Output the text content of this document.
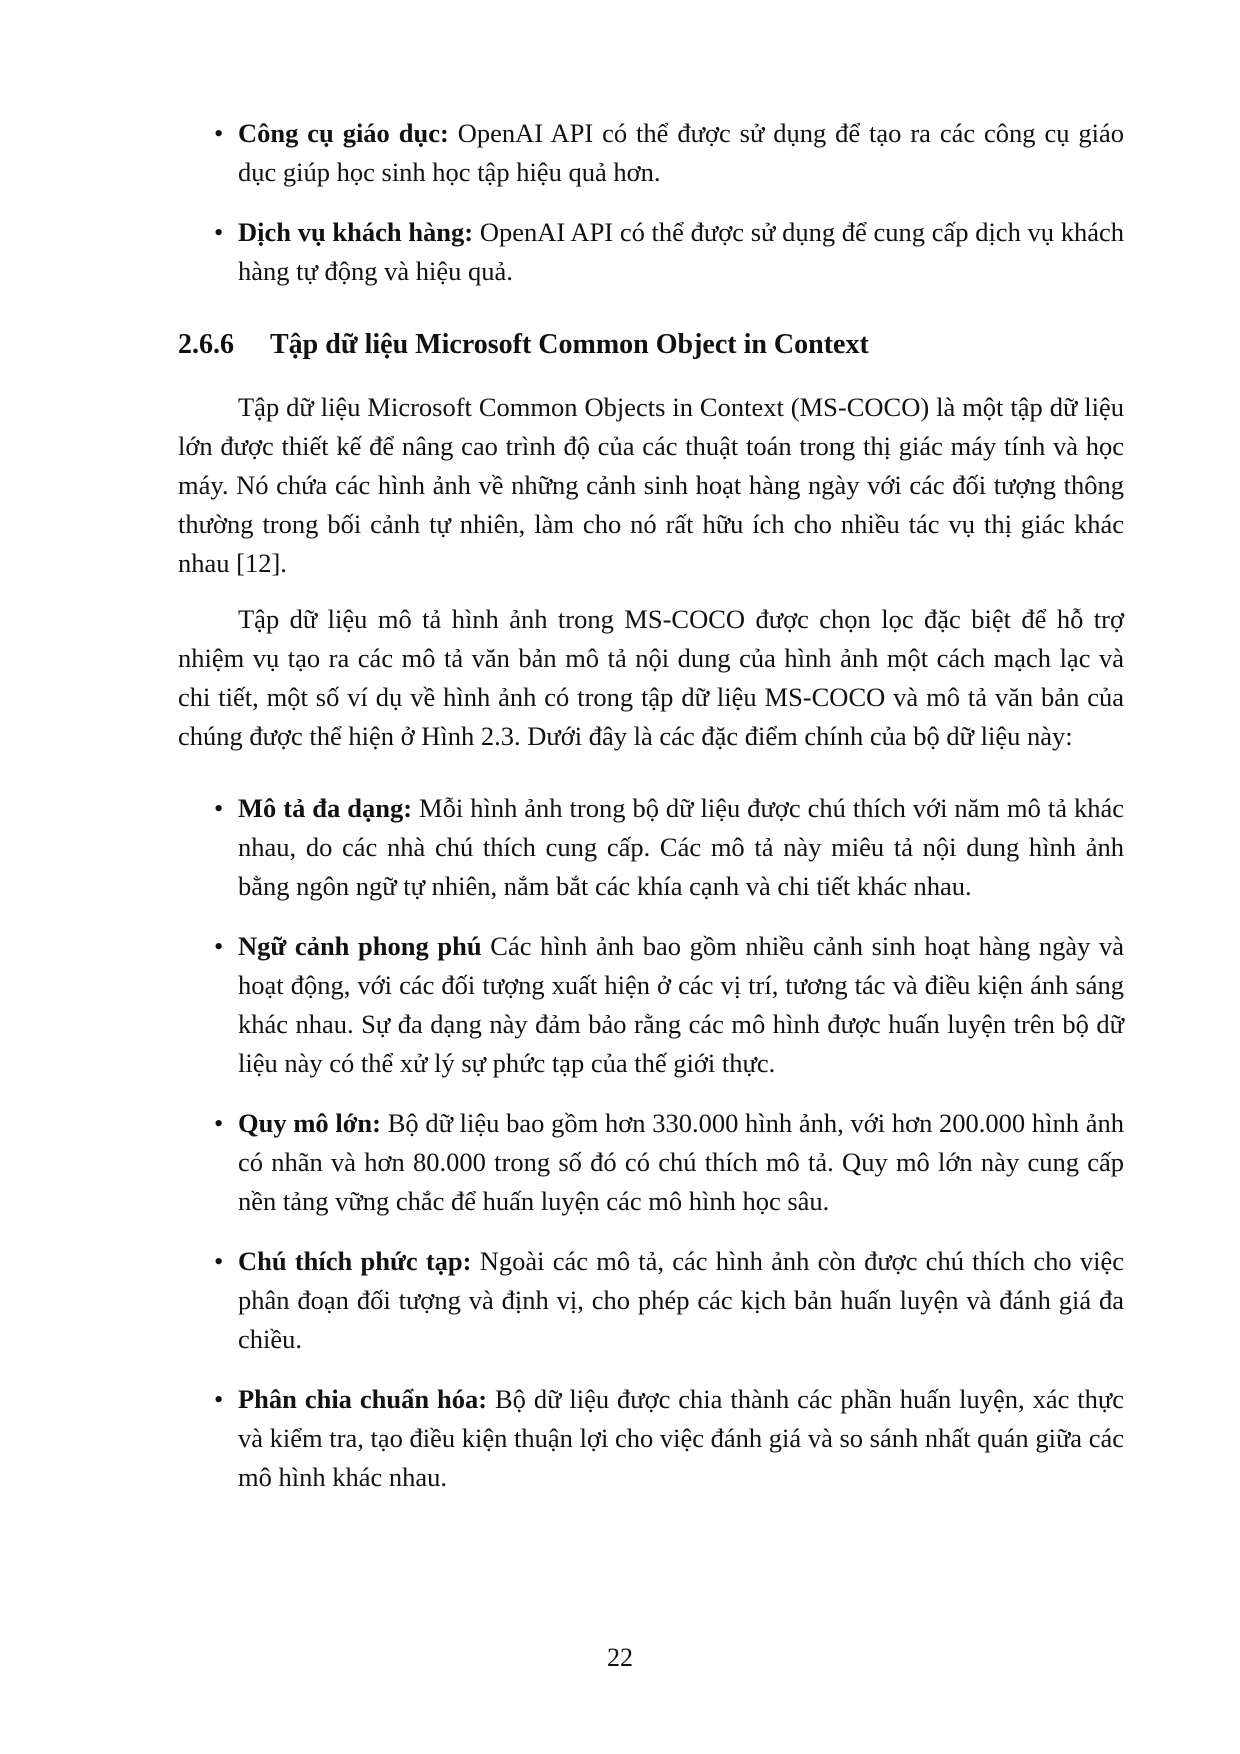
• Công cụ giáo dục: OpenAI API có thể được sử dụng để tạo ra các công cụ giáo dục giúp học sinh học tập hiệu quả hơn.
• Dịch vụ khách hàng: OpenAI API có thể được sử dụng để cung cấp dịch vụ khách hàng tự động và hiệu quả.
2.6.6 Tập dữ liệu Microsoft Common Object in Context

Tập dữ liệu Microsoft Common Objects in Context (MS-COCO) là một tập dữ liệu lớn được thiết kế để nâng cao trình độ của các thuật toán trong thị giác máy tính và học máy. Nó chứa các hình ảnh về những cảnh sinh hoạt hàng ngày với các đối tượng thông thường trong bối cảnh tự nhiên, làm cho nó rất hữu ích cho nhiều tác vụ thị giác khác nhau [12].

Tập dữ liệu mô tả hình ảnh trong MS-COCO được chọn lọc đặc biệt để hỗ trợ nhiệm vụ tạo ra các mô tả văn bản mô tả nội dung của hình ảnh một cách mạch lạc và chi tiết, một số ví dụ về hình ảnh có trong tập dữ liệu MS-COCO và mô tả văn bản của chúng được thể hiện ở Hình 2.3. Dưới đây là các đặc điểm chính của bộ dữ liệu này:

• Mô tả đa dạng: Mỗi hình ảnh trong bộ dữ liệu được chú thích với năm mô tả khác nhau, do các nhà chú thích cung cấp. Các mô tả này miêu tả nội dung hình ảnh bằng ngôn ngữ tự nhiên, nắm bắt các khía cạnh và chi tiết khác nhau.
• Ngữ cảnh phong phú Các hình ảnh bao gồm nhiều cảnh sinh hoạt hàng ngày và hoạt động, với các đối tượng xuất hiện ở các vị trí, tương tác và điều kiện ánh sáng khác nhau. Sự đa dạng này đảm bảo rằng các mô hình được huấn luyện trên bộ dữ liệu này có thể xử lý sự phức tạp của thế giới thực.
• Quy mô lớn: Bộ dữ liệu bao gồm hơn 330.000 hình ảnh, với hơn 200.000 hình ảnh có nhãn và hơn 80.000 trong số đó có chú thích mô tả. Quy mô lớn này cung cấp nền tảng vững chắc để huấn luyện các mô hình học sâu.
• Chú thích phức tạp: Ngoài các mô tả, các hình ảnh còn được chú thích cho việc phân đoạn đối tượng và định vị, cho phép các kịch bản huấn luyện và đánh giá đa chiều.
• Phân chia chuẩn hóa: Bộ dữ liệu được chia thành các phần huấn luyện, xác thực và kiểm tra, tạo điều kiện thuận lợi cho việc đánh giá và so sánh nhất quán giữa các mô hình khác nhau.
22
